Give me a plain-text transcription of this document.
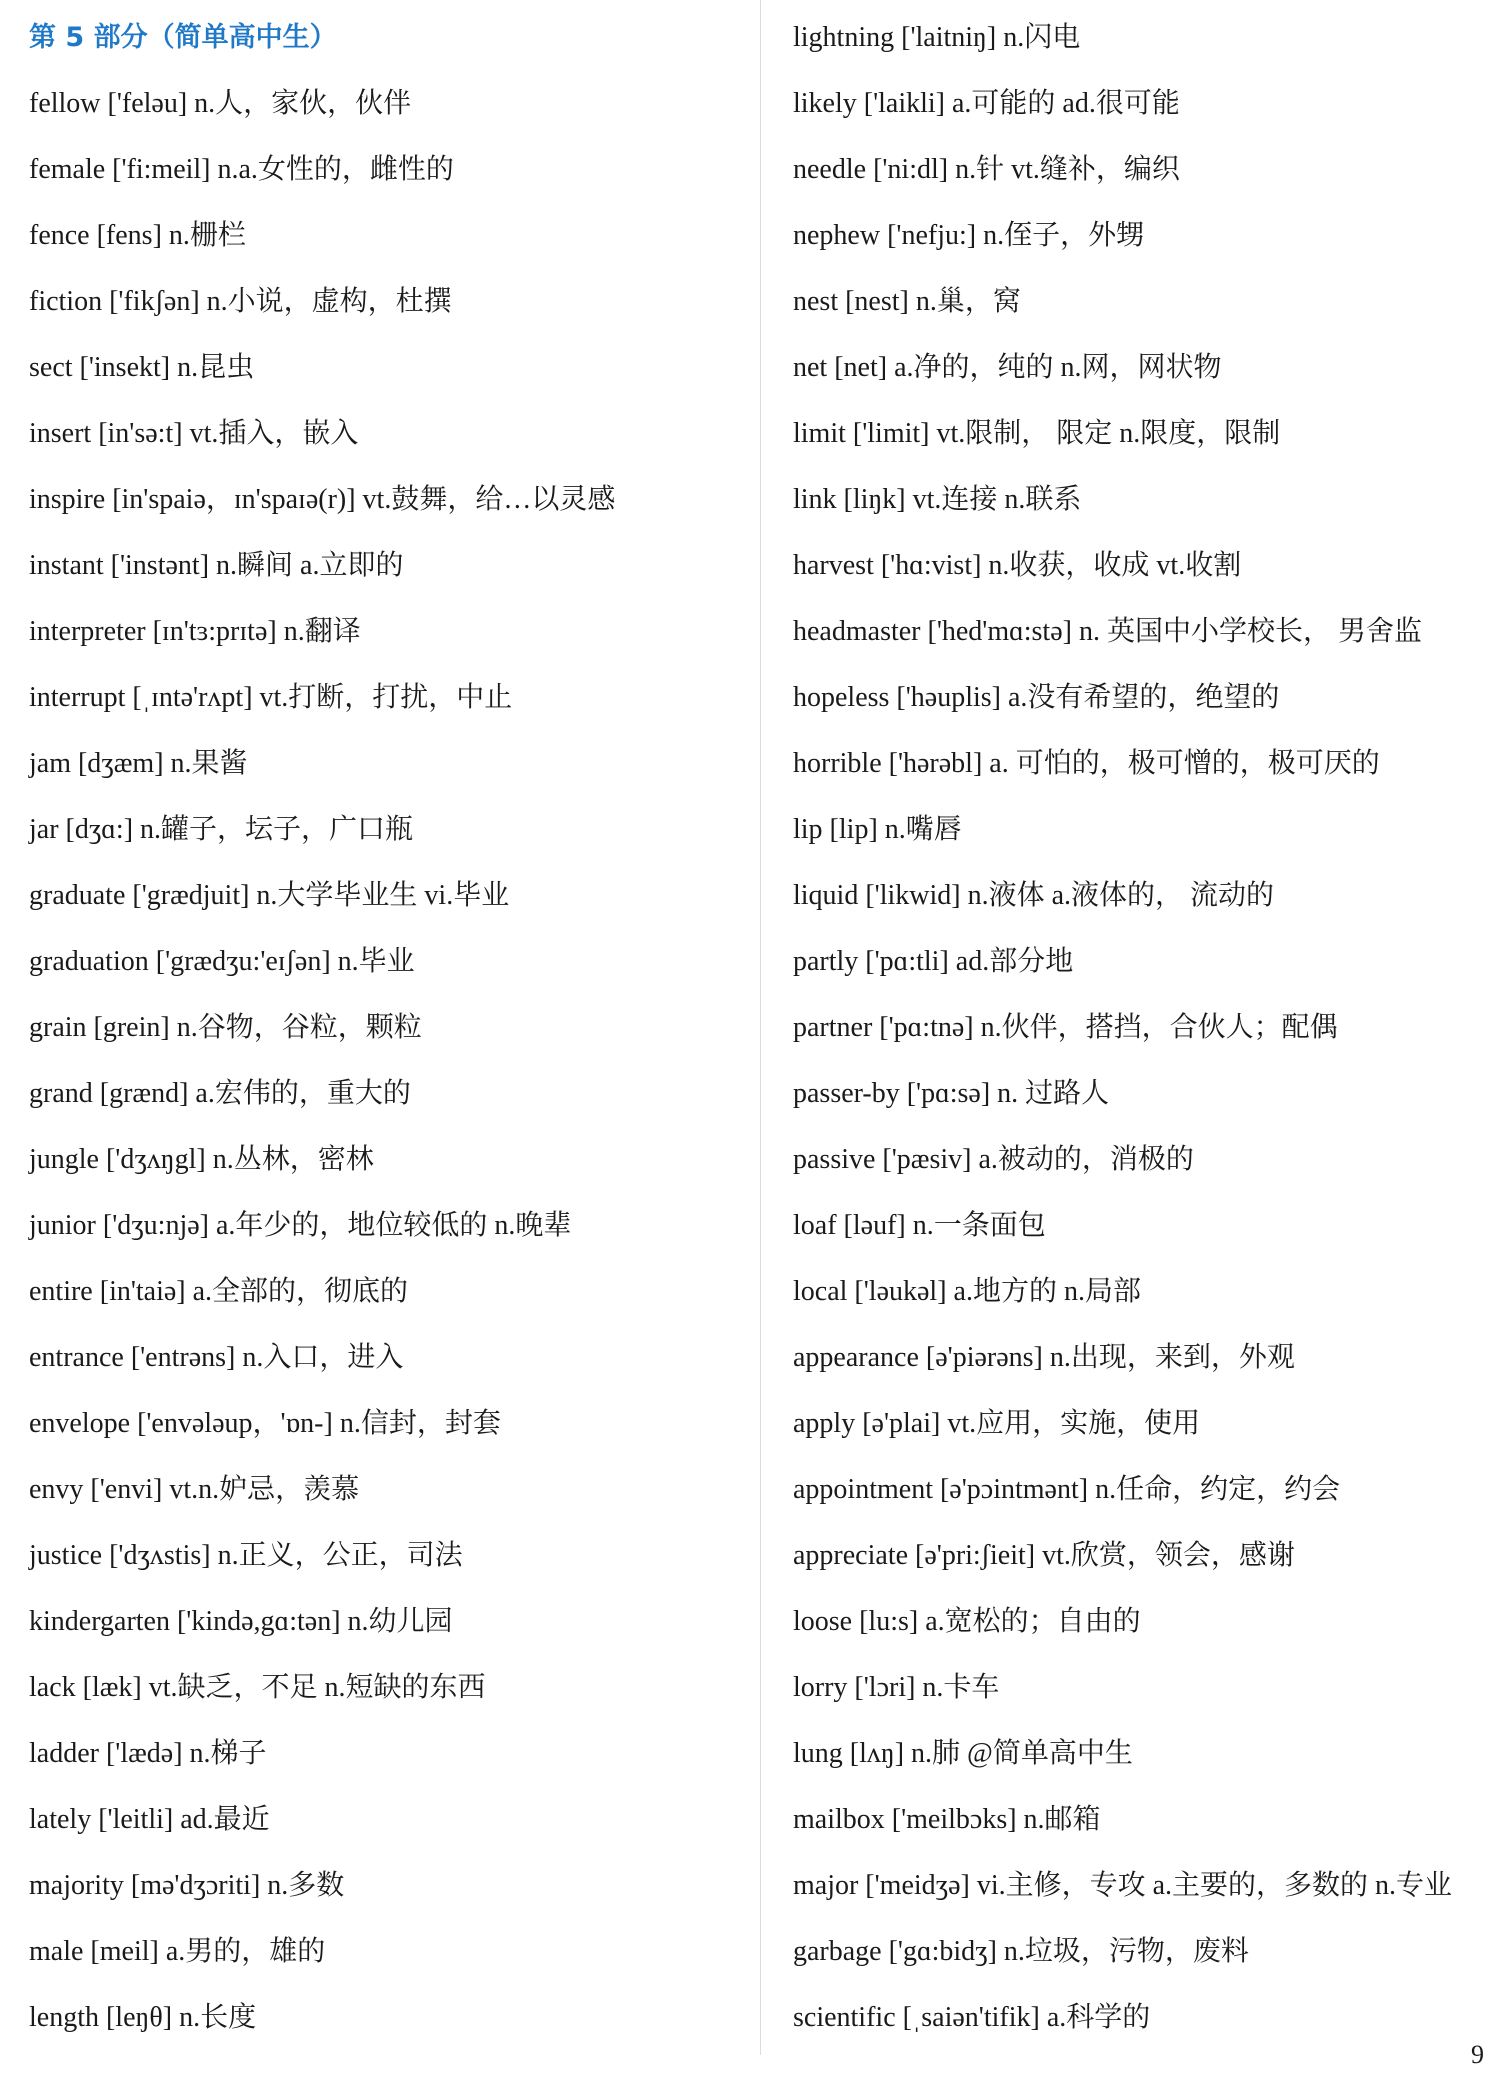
第 5 部分（简单高中生）
fellow ['feləu] n.人，家伙，伙伴
female ['fi:meil] n.a.女性的，雌性的
fence [fens] n.栅栏
fiction ['fikʃən] n.小说，虚构，杜撰
sect ['insekt] n.昆虫
insert [in'sə:t] vt.插入，嵌入
inspire [in'spaiə，ɪn'spaɪə(r)] vt.鼓舞，给…以灵感
instant ['instənt] n.瞬间 a.立即的
interpreter [ɪn'tɜ:prɪtə] n.翻译
interrupt [ˌɪntə'rʌpt] vt.打断，打扰，中止
jam [dʒæm] n.果酱
jar [dʒɑ:] n.罐子，坛子，广口瓶
graduate ['grædjuit] n.大学毕业生 vi.毕业
graduation ['grædʒu:'eɪʃən] n.毕业
grain [grein] n.谷物，谷粒，颗粒
grand [grænd] a.宏伟的，重大的
jungle ['dʒʌŋgl] n.丛林，密林
junior ['dʒu:njə] a.年少的，地位较低的 n.晚辈
entire [in'taiə] a.全部的，彻底的
entrance ['entrəns] n.入口，进入
envelope ['envələup，'ɒn-] n.信封，封套
envy ['envi] vt.n.妒忌，羡慕
justice ['dʒʌstis] n.正义，公正，司法
kindergarten ['kində,gɑ:tən] n.幼儿园
lack [læk] vt.缺乏，不足 n.短缺的东西
ladder ['lædə] n.梯子
lately ['leitli] ad.最近
majority [mə'dʒɔriti] n.多数
male [meil] a.男的，雄的
length [leŋθ] n.长度
lightning ['laitniŋ] n.闪电
likely ['laikli] a.可能的 ad.很可能
needle ['ni:dl] n.针 vt.缝补，编织
nephew ['nefju:] n.侄子，外甥
nest [nest] n.巢，窝
net [net] a.净的，纯的 n.网，网状物
limit ['limit] vt.限制， 限定 n.限度，限制
link [liŋk] vt.连接 n.联系
harvest ['hɑ:vist] n.收获，收成 vt.收割
headmaster ['hed'mɑ:stə] n. 英国中小学校长， 男舍监
hopeless ['həuplis] a.没有希望的，绝望的
horrible ['hərəbl] a. 可怕的，极可憎的，极可厌的
lip [lip] n.嘴唇
liquid ['likwid] n.液体 a.液体的， 流动的
partly ['pɑ:tli] ad.部分地
partner ['pɑ:tnə] n.伙伴，搭挡，合伙人；配偶
passer-by ['pɑ:sə] n. 过路人
passive ['pæsiv] a.被动的，消极的
loaf [ləuf] n.一条面包
local ['ləukəl] a.地方的 n.局部
appearance [ə'piərəns] n.出现，来到，外观
apply [ə'plai] vt.应用，实施，使用
appointment [ə'pɔintmənt] n.任命，约定，约会
appreciate [ə'pri:ʃieit] vt.欣赏，领会，感谢
loose [lu:s] a.宽松的；自由的
lorry ['lɔri] n.卡车
lung [lʌŋ] n.肺 @简单高中生
mailbox ['meilbɔks] n.邮箱
major ['meidʒə] vi.主修，专攻 a.主要的，多数的 n.专业
garbage ['gɑ:bidʒ] n.垃圾，污物，废料
scientific [ˌsaiən'tifik] a.科学的
9
